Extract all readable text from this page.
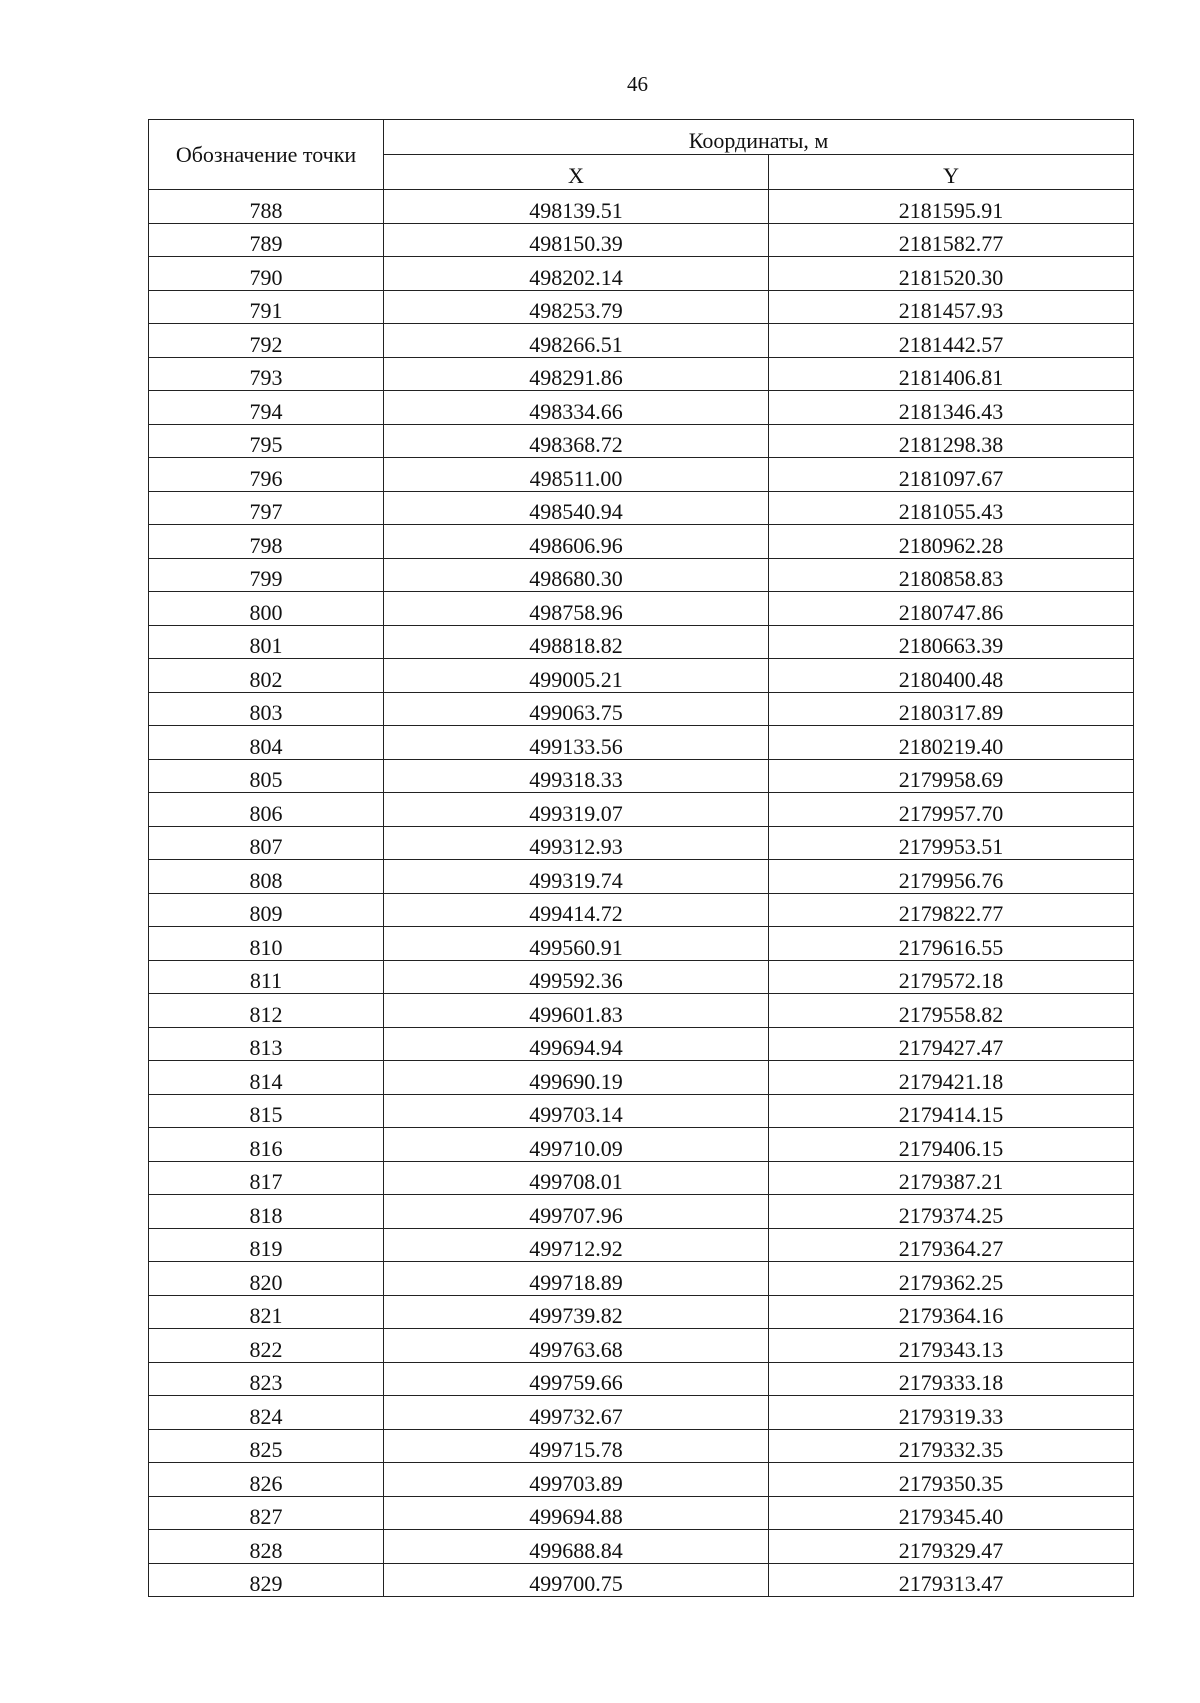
46
Обозначение точки	Координаты, м	
	X	Y
788	498139.51	2181595.91
789	498150.39	2181582.77
790	498202.14	2181520.30
791	498253.79	2181457.93
792	498266.51	2181442.57
793	498291.86	2181406.81
794	498334.66	2181346.43
795	498368.72	2181298.38
796	498511.00	2181097.67
797	498540.94	2181055.43
798	498606.96	2180962.28
799	498680.30	2180858.83
800	498758.96	2180747.86
801	498818.82	2180663.39
802	499005.21	2180400.48
803	499063.75	2180317.89
804	499133.56	2180219.40
805	499318.33	2179958.69
806	499319.07	2179957.70
807	499312.93	2179953.51
808	499319.74	2179956.76
809	499414.72	2179822.77
810	499560.91	2179616.55
811	499592.36	2179572.18
812	499601.83	2179558.82
813	499694.94	2179427.47
814	499690.19	2179421.18
815	499703.14	2179414.15
816	499710.09	2179406.15
817	499708.01	2179387.21
818	499707.96	2179374.25
819	499712.92	2179364.27
820	499718.89	2179362.25
821	499739.82	2179364.16
822	499763.68	2179343.13
823	499759.66	2179333.18
824	499732.67	2179319.33
825	499715.78	2179332.35
826	499703.89	2179350.35
827	499694.88	2179345.40
828	499688.84	2179329.47
829	499700.75	2179313.47
